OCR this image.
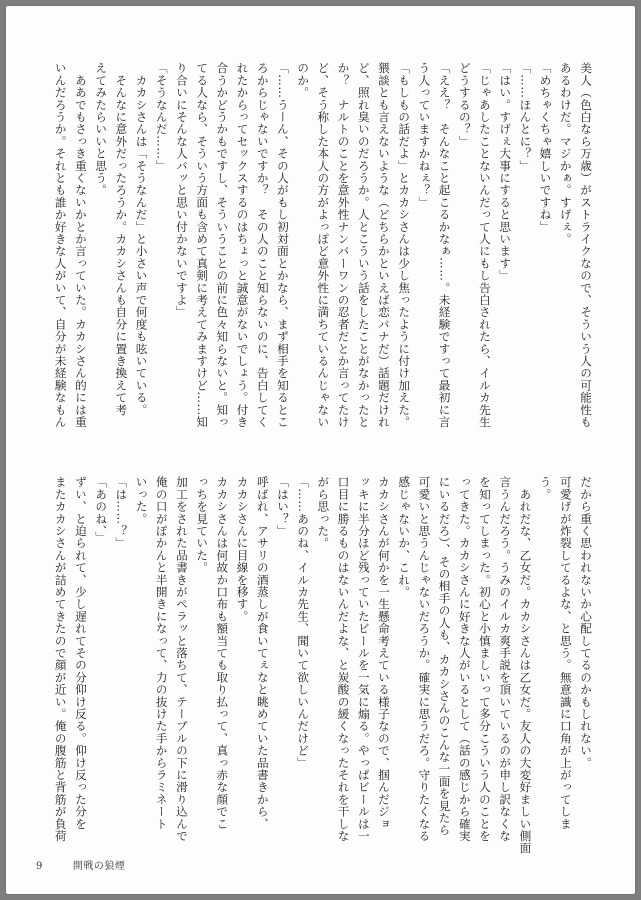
美人（色白なら万歳）がストライクなので、そういう人の可能性も
あるわけだ。マジかぁ。すげぇ。
「めちゃくちゃ嬉しいですね」
「……ほんとに？」
「はい。すげぇ大事にすると思います」
「じゃあしたことないんだって人にもし告白されたら、イルカ先生
どうするの？」
「ええ？　そんなこと起こるかなぁ……。未経験ですって最初に言
う人っていますかねぇ？」
「もしもの話だよ」とカカシさんは少し焦ったように付け加えた。
猥談とも言えないような（どちらかといえば恋バナだ）話題だけれ
ど、照れ臭いのだろうか。人とこういう話をしたことがなかったと
か？　ナルトのことを意外性ナンバーワンの忍者だとか言ってたけ
ど、そう称した本人の方がよっぽど意外性に満ちているんじゃない
のか。
「……うーん、その人がもし初対面とかなら、まず相手を知るとこ
ろからじゃないですか？　その人のこと知らないのに、告白してく
れたからってセックスするのはちょっと誠意がないでしょう。付き
合うかどうかもですし、そういうことの前に色々知らないと。知っ
てる人なら、そういう方面も含めて真剣に考えてみますけど……知
り合いにそんな人バッと思い付かないですよ」
「そうなんだ……」
　カカシさんは「そうなんだ」と小さい声で何度も呟いている。
　そんなに意外だったろうか。カカシさんも自分に置き換えて考
えてみたらいいと思う。
　ああでもさっき重くないかとか言っていた。カカシさん的には重
いんだろうか。それとも誰か好きな人がいて、自分が未経験なもん
だから重く思われないか心配してるのかもしれない。
可愛げが炸裂してるよな、と思う。無意識に口角が上がってしま
う。
　あれだな、乙女だ。カカシさんは乙女だ。友人の大変好ましい側面
言うんだろう。うみのイルカ爽手説を頂いているのが申し訳なくな
を知ってしまった。初心と小慎ましいって多分こういう人のことを
ってきた。カカシさんに好きな人がいるとして（話の感じから確実
にいるだろ）、その相手の人も、カカシさんのこんな一面を見たら
可愛いと思うんじゃないだろうか。確実に思うだろ。守りたくなる
感じゃないか、これ。
カカシさんが何かを一生懸命考えている様子なので、掴んだジョ
ッキに半分ほど残っていたビールを一気に煽る。やっぱビールは一
口目に勝るものはないんだよな、と炭酸の緩くなったそれを干しな
がら思った。
「……あのね、イルカ先生、聞いて欲しいんだけど」
「はい？」
呼ばれ、アサリの酒蒸しが食いてぇなと眺めていた品書きから、
カカシさんに目線を移す。
カカシさんは何故か口布も額当ても取り払って、真っ赤な顔でこ
っちを見ていた。
加工をされた品書きがペラッと落ちて、テーブルの下に滑り込んで
俺の口がぽかんと半開きになって、力の抜けた手からラミネート
いった。
「は……？」
「あのね、」
ずい、と迫られて、少し遅れてその分仰け反る。仰け反った分を
またカカシさんが詰めてきたので顔が近い。俺の腹筋と背筋が負荷
9	開戦の狼煙
